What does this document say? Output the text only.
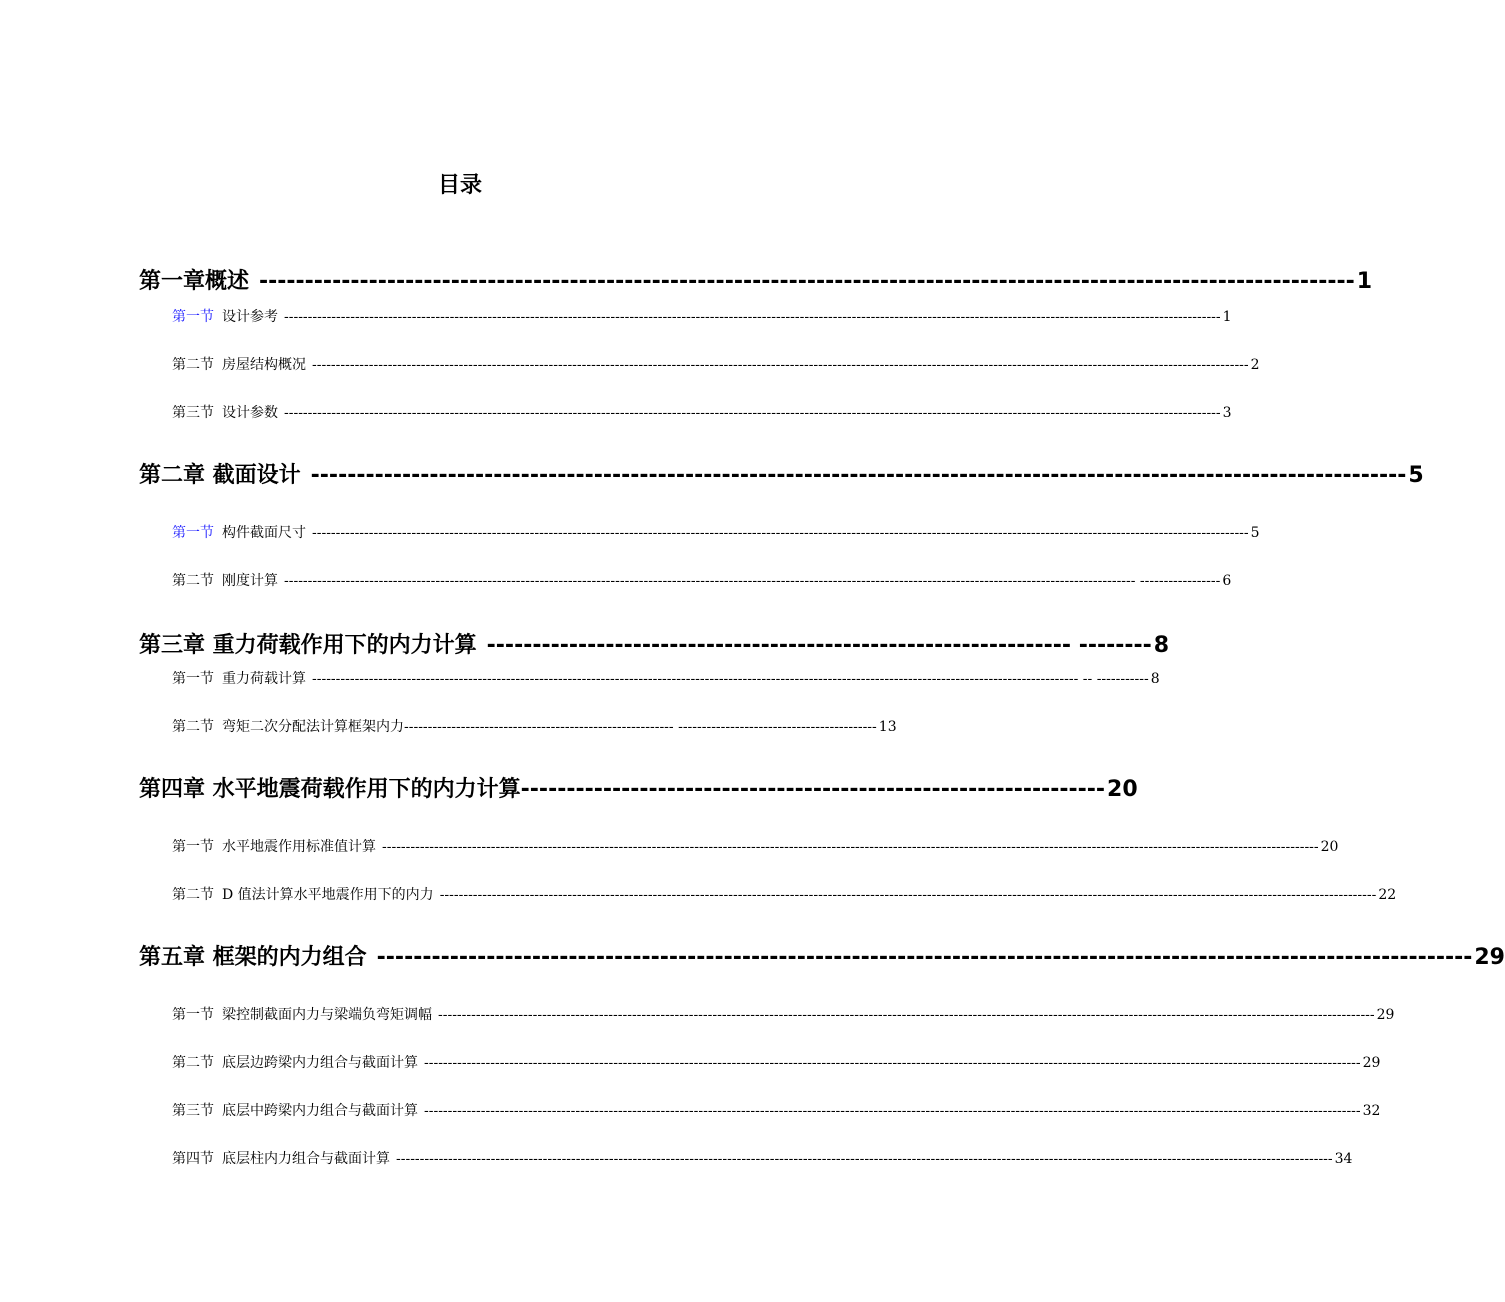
目录
第一章概述 ------------------------------------------------------------------------------------------------------------------------ 1
第一节 设计参考 ------------------------------------------------------------------------------------------------------------------------------------------------------------------------------------------------------ 1
第二节 房屋结构概况 ------------------------------------------------------------------------------------------------------------------------------------------------------------------------------------------------------ 2
第三节 设计参数 ------------------------------------------------------------------------------------------------------------------------------------------------------------------------------------------------------ 3
第二章 截面设计 ------------------------------------------------------------------------------------------------------------------------ 5
第一节 构件截面尺寸 ------------------------------------------------------------------------------------------------------------------------------------------------------------------------------------------------------ 5
第二节 刚度计算 ------------------------------------------------------------------------------------------------------------------------------------------------------------------------------------ ----------------- 6
第三章 重力荷载作用下的内力计算 ---------------------------------------------------------------- -------- 8
第一节 重力荷载计算 ------------------------------------------------------------------------------------------------------------------------------------------------------------------ -- ----------- 8
第二节 弯矩二次分配法计算框架内力 --------------------------------------------------------- ------------------------------------------ 13
第四章 水平地震荷载作用下的内力计算 ---------------------------------------------------------------- 20
第一节 水平地震作用标准值计算 ------------------------------------------------------------------------------------------------------------------------------------------------------------------------------------------------------ 20
第二节 D 值法计算水平地震作用下的内力 ------------------------------------------------------------------------------------------------------------------------------------------------------------------------------------------------------ 22
第五章 框架的内力组合 ------------------------------------------------------------------------------------------------------------------------ 29
第一节 梁控制截面内力与梁端负弯矩调幅 ------------------------------------------------------------------------------------------------------------------------------------------------------------------------------------------------------ 29
第二节 底层边跨梁内力组合与截面计算 ------------------------------------------------------------------------------------------------------------------------------------------------------------------------------------------------------ 29
第三节 底层中跨梁内力组合与截面计算 ------------------------------------------------------------------------------------------------------------------------------------------------------------------------------------------------------ 32
第四节 底层柱内力组合与截面计算 ------------------------------------------------------------------------------------------------------------------------------------------------------------------------------------------------------ 34
